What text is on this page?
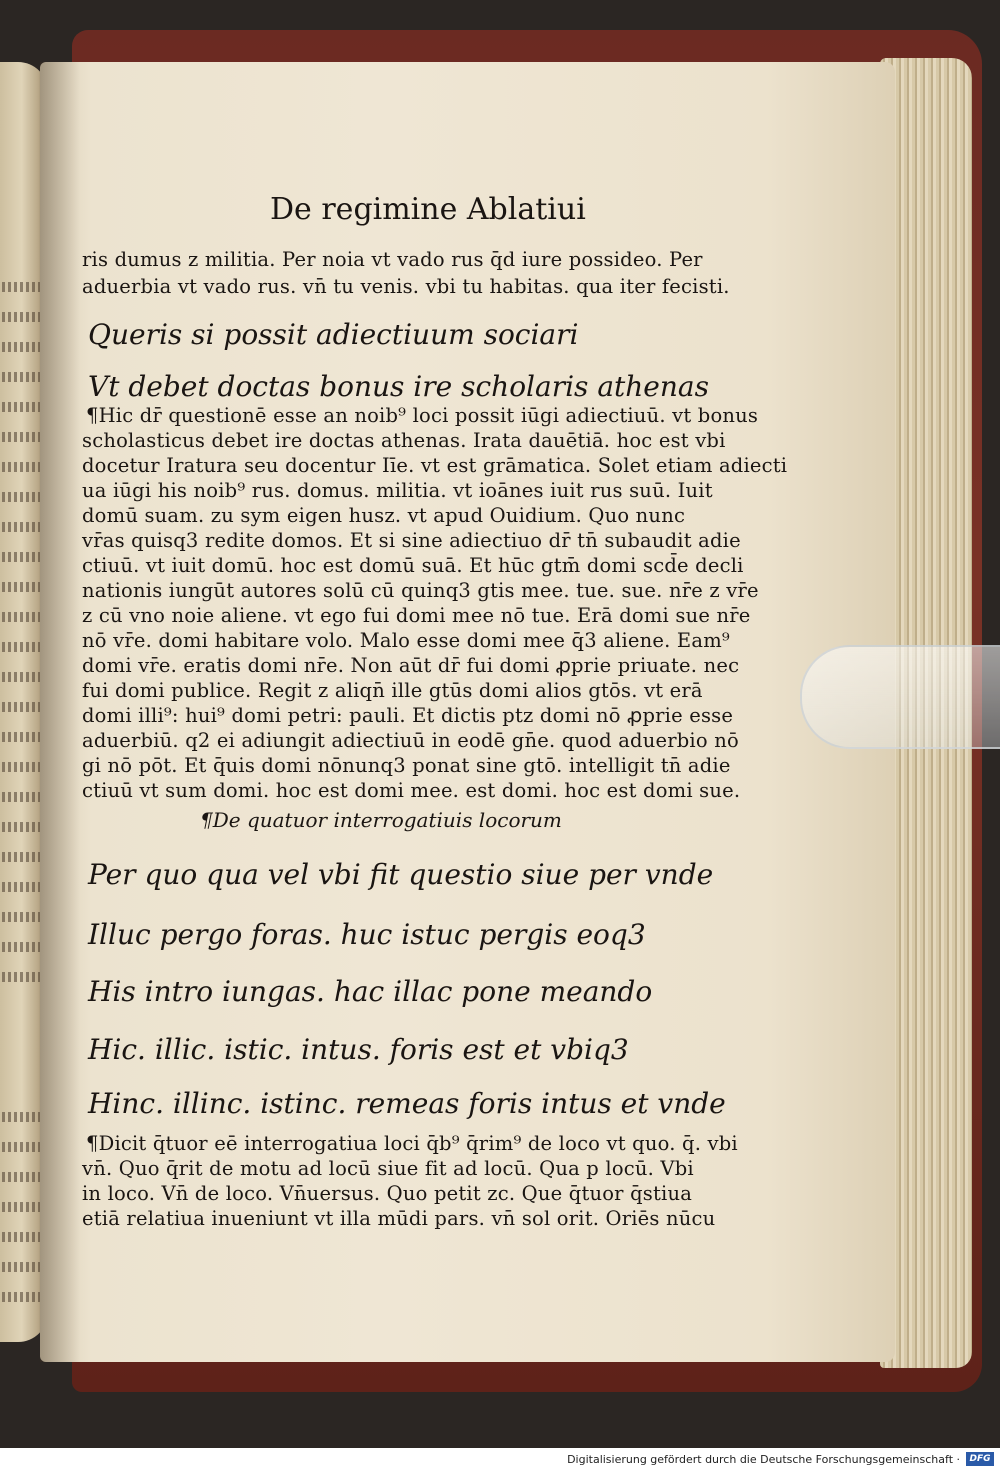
De regimine Ablatiui
ris dumus z militia. Per noia vt vado rus q̄d iure possideo. Per
aduerbia vt vado rus. vn̄ tu venis. vbi tu habitas. qua iter fecisti.
Queris si possit adiectiuum sociari
Vt debet doctas bonus ire scholaris athenas
¶Hic dr̄ questionē esse an noib⁹ loci possit iūgi adiectiuū. vt bonus
scholasticus debet ire doctas athenas. Irata dauētiā. hoc est vbi
docetur Iratura seu docentur Iīe. vt est grāmatica. Solet etiam adiecti
ua iūgi his noib⁹ rus. domus. militia. vt ioānes iuit rus suū. Iuit
domū suam. zu sym eigen husz. vt apud Ouidium. Quo nunc
vr̄as quisq3 redite domos. Et si sine adiectiuo dr̄ tn̄ subaudit adie
ctiuū. vt iuit domū. hoc est domū suā. Et hūc gtm̄ domi scd̄e decli
nationis iungūt autores solū cū quinq3 gtis mee. tue. sue. nr̄e z vr̄e
z cū vno noie aliene. vt ego fui domi mee nō tue. Erā domi sue nr̄e
nō vr̄e. domi habitare volo. Malo esse domi mee q̄3 aliene. Eam⁹
domi vr̄e. eratis domi nr̄e. Non aūt dr̄ fui domi ꝓprie priuate. nec
fui domi publice. Regit z aliqn̄ ille gtūs domi alios gtōs. vt erā
domi illi⁹: hui⁹ domi petri: pauli. Et dictis ptz domi nō ꝓprie esse
aduerbiū. q2 ei adiungit adiectiuū in eodē gn̄e. quod aduerbio nō
gi nō pōt. Et q̄uis domi nōnunq3 ponat sine gtō. intelligit tn̄ adie
ctiuū vt sum domi. hoc est domi mee. est domi. hoc est domi sue.
¶De quatuor interrogatiuis locorum
Per quo qua vel vbi fit questio siue per vnde
Illuc pergo foras. huc istuc pergis eoq3
His intro iungas. hac illac pone meando
Hic. illic. istic. intus. foris est et vbiq3
Hinc. illinc. istinc. remeas foris intus et vnde
¶Dicit q̄tuor eē interrogatiua loci q̄b⁹ q̄rim⁹ de loco vt quo. q̄. vbi
vn̄. Quo q̄rit de motu ad locū siue fit ad locū. Qua p locū. Vbi
in loco. Vn̄ de loco. Vn̄uersus. Quo petit zc. Que q̄tuor q̄stiua
etiā relatiua inueniunt vt illa mūdi pars. vn̄ sol orit. Oriēs nūcu
Digitalisierung gefördert durch die Deutsche Forschungsgemeinschaft ·	DFG
